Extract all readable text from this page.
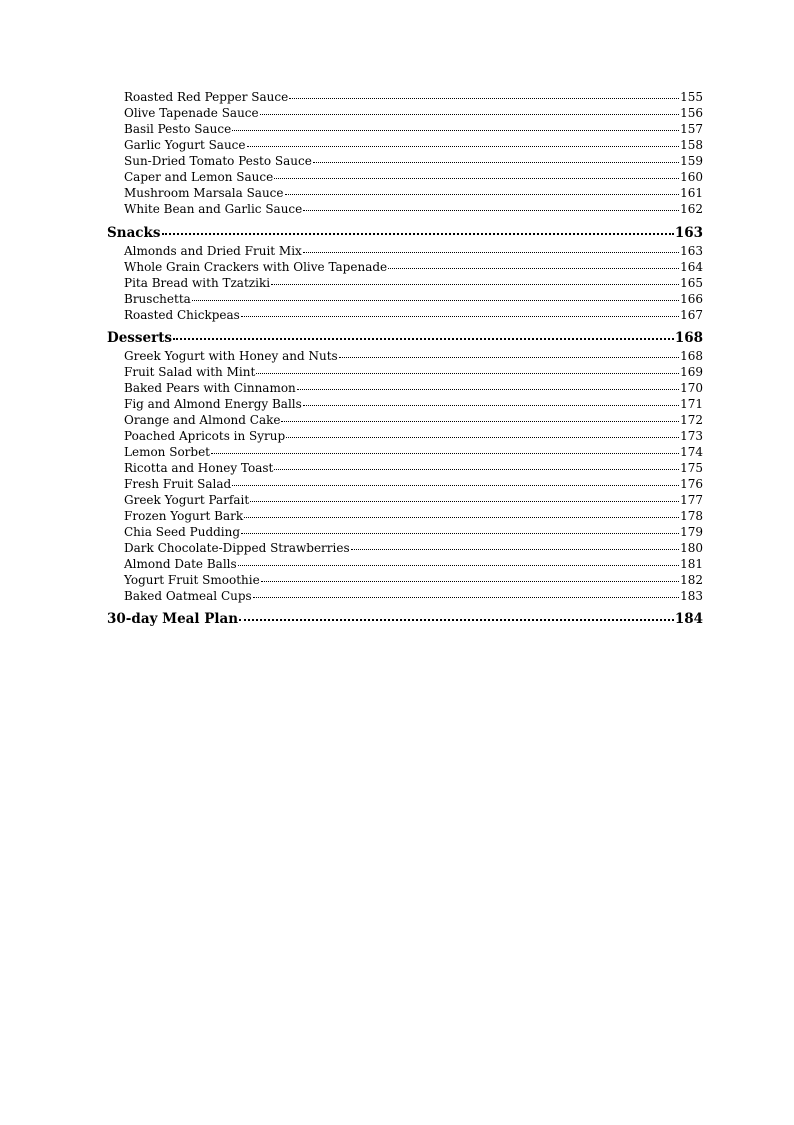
Roasted Red Pepper Sauce	155
Olive Tapenade Sauce	156
Basil Pesto Sauce	157
Garlic Yogurt Sauce	158
Sun-Dried Tomato Pesto Sauce	159
Caper and Lemon Sauce	160
Mushroom Marsala Sauce	161
White Bean and Garlic Sauce	162
Snacks	163
Almonds and Dried Fruit Mix	163
Whole Grain Crackers with Olive Tapenade	164
Pita Bread with Tzatziki	165
Bruschetta	166
Roasted Chickpeas	167
Desserts	168
Greek Yogurt with Honey and Nuts	168
Fruit Salad with Mint	169
Baked Pears with Cinnamon	170
Fig and Almond Energy Balls	171
Orange and Almond Cake	172
Poached Apricots in Syrup	173
Lemon Sorbet	174
Ricotta and Honey Toast	175
Fresh Fruit Salad	176
Greek Yogurt Parfait	177
Frozen Yogurt Bark	178
Chia Seed Pudding	179
Dark Chocolate-Dipped Strawberries	180
Almond Date Balls	181
Yogurt Fruit Smoothie	182
Baked Oatmeal Cups	183
30-day Meal Plan	184
